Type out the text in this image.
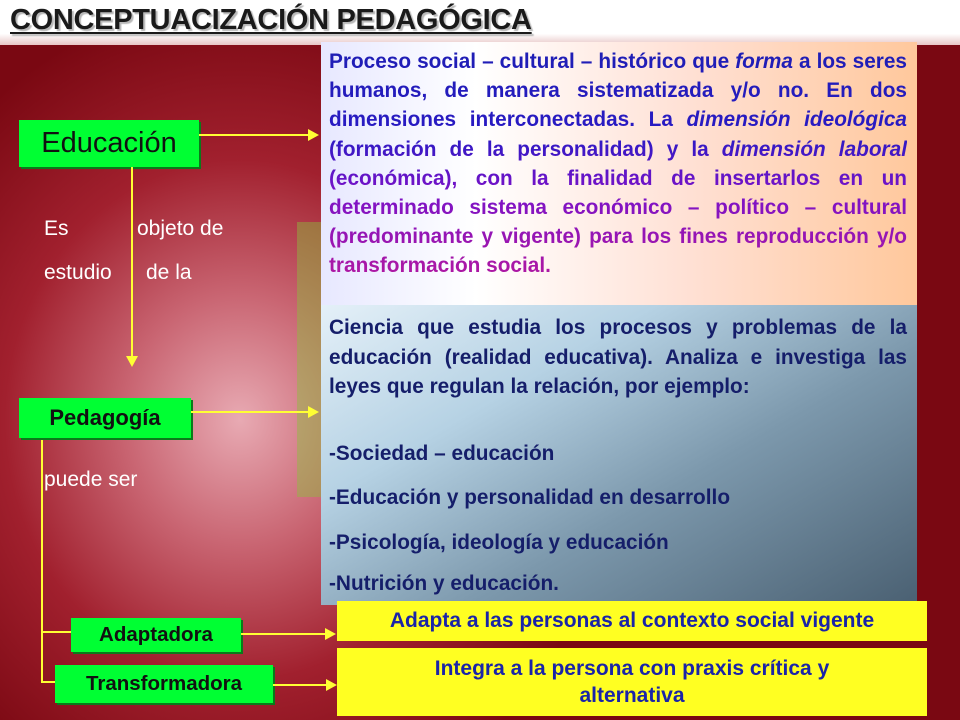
CONCEPTUACIZACIÓN PEDAGÓGICA
Educación
Es	objeto de
estudio de la
Pedagogía
puede ser
Adaptadora
Transformadora
Proceso social – cultural – histórico que forma a los seres humanos, de manera sistematizada y/o no. En dos dimensiones interconectadas. La dimensión ideológica (formación de la personalidad) y la dimensión laboral (económica), con la finalidad de insertarlos en un determinado sistema económico – político – cultural (predominante y vigente) para los fines reproducción y/o transformación social.
Ciencia que estudia los procesos y problemas de la educación (realidad educativa). Analiza e investiga las leyes que regulan la relación, por ejemplo:
-Sociedad – educación
-Educación y personalidad en desarrollo
-Psicología, ideología y educación
-Nutrición y educación.
Adapta a las personas al contexto social vigente
Integra a la persona con praxis crítica y alternativa
